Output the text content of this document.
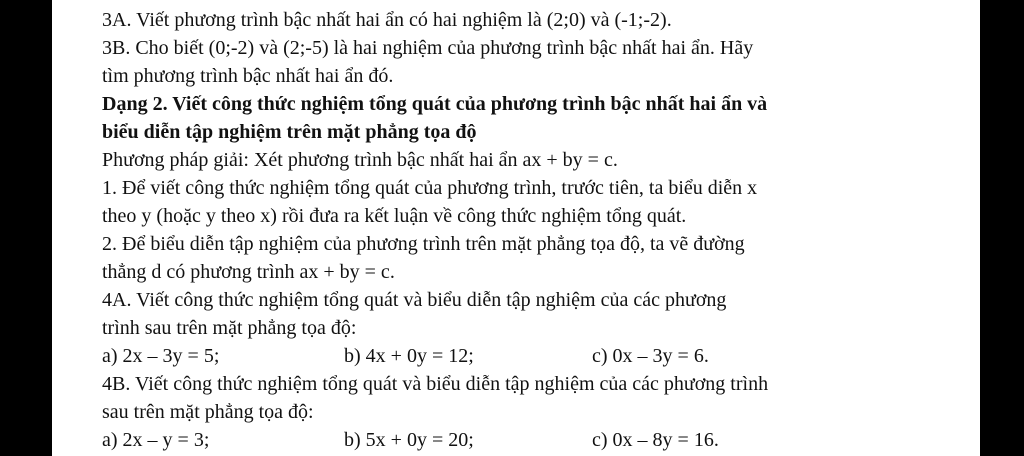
3A. Viết phương trình bậc nhất hai ẩn có hai nghiệm là (2;0) và (-1;-2).
3B. Cho biết (0;-2) và (2;-5) là hai nghiệm của phương trình bậc nhất hai ẩn. Hãy
tìm phương trình bậc nhất hai ẩn đó.
Dạng 2. Viết công thức nghiệm tổng quát của phương trình bậc nhất hai ẩn và
biểu diễn tập nghiệm trên mặt phẳng tọa độ
Phương pháp giải: Xét phương trình bậc nhất hai ẩn ax + by = c.
1. Để viết công thức nghiệm tổng quát của phương trình, trước tiên, ta biểu diễn x
theo y (hoặc y theo x) rồi đưa ra kết luận về công thức nghiệm tổng quát.
2. Để biểu diễn tập nghiệm của phương trình trên mặt phẳng tọa độ, ta vẽ đường
thẳng d có phương trình ax + by = c.
4A. Viết công thức nghiệm tổng quát và biểu diễn tập nghiệm của các phương
trình sau trên mặt phẳng tọa độ:
a) 2x – 3y = 5;	b) 4x + 0y = 12;	c) 0x – 3y = 6.
4B. Viết công thức nghiệm tổng quát và biểu diễn tập nghiệm của các phương trình
sau trên mặt phẳng tọa độ:
a) 2x – y = 3;	b) 5x + 0y = 20;	c) 0x – 8y = 16.
